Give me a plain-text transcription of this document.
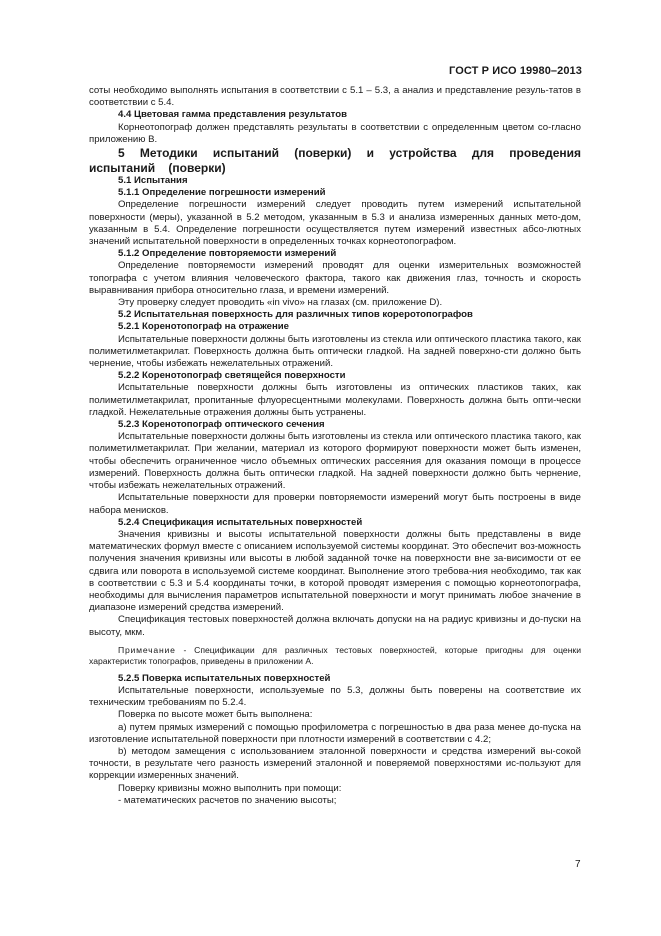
ГОСТ Р ИСО 19980–2013

соты необходимо выполнять испытания в соответствии с 5.1 – 5.3, а анализ и представление резуль-татов в соответствии с 5.4.

4.4 Цветовая гамма представления результатов

Корнеотопограф должен представлять результаты в соответствии с определенным цветом со-гласно приложению В.

5 Методики испытаний (поверки) и устройства для проведения испытаний (поверки)

5.1 Испытания

5.1.1 Определение погрешности измерений

Определение погрешности измерений следует проводить путем измерений испытательной поверхности (меры), указанной в 5.2 методом, указанным в 5.3 и анализа измеренных данных мето-дом, указанным в 5.4. Определение погрешности осуществляется путем измерений известных абсо-лютных значений испытательной поверхности в определенных точках корнеотопографом.

5.1.2 Определение повторяемости измерений

Определение повторяемости измерений проводят для оценки измерительных возможностей топографа с учетом влияния человеческого фактора, такого как движения глаз, точность и скорость выравнивания прибора относительно глаза, и времени измерений.

Эту проверку следует проводить «in vivo» на глазах (см. приложение D).

5.2 Испытательная поверхность для различных типов кореротопографов

5.2.1 Коренотопограф на отражение

Испытательные поверхности должны быть изготовлены из стекла или оптического пластика такого, как полиметилметакрилат. Поверхность должна быть оптически гладкой. На задней поверхно-сти должно быть чернение, чтобы избежать нежелательных отражений.

5.2.2 Коренотопограф светящейся поверхности

Испытательные поверхности должны быть изготовлены из оптических пластиков таких, как полиметилметакрилат, пропитанные флуоресцентными молекулами. Поверхность должна быть опти-чески гладкой. Нежелательные отражения должны быть устранены.

5.2.3 Коренотопограф оптического сечения

Испытательные поверхности должны быть изготовлены из стекла или оптического пластика такого, как полиметилметакрилат. При желании, материал из которого формируют поверхности может быть изменен, чтобы обеспечить ограниченное число объемных оптических рассеяния для оказания помощи в процессе измерений. Поверхность должна быть оптически гладкой. На задней поверхности должно быть чернение, чтобы избежать нежелательных отражений.

Испытательные поверхности для проверки повторяемости измерений могут быть построены в виде набора менисков.

5.2.4 Спецификация испытательных поверхностей

Значения кривизны и высоты испытательной поверхности должны быть представлены в виде математических формул вместе с описанием используемой системы координат. Это обеспечит воз-можность получения значения кривизны или высоты в любой заданной точке на поверхности вне за-висимости от ее сдвига или поворота в используемой системе координат. Выполнение этого требова-ния необходимо, так как в соответствии с 5.3 и 5.4 координаты точки, в которой проводят измерения с помощью корнеотопографа, необходимы для вычисления параметров испытательной поверхности и могут принимать любое значение в диапазоне измерений средства измерений.

Спецификация тестовых поверхностей должна включать допуски на на радиус кривизны и до-пуски на высоту, мкм.

Примечание - Спецификации для различных тестовых поверхностей, которые пригодны для оценки характеристик топографов, приведены в приложении А.

5.2.5 Поверка испытательных поверхностей

Испытательные поверхности, используемые по 5.3, должны быть поверены на соответствие их техническим требованиям по 5.2.4.

Поверка по высоте может быть выполнена:

а) путем прямых измерений с помощью профилометра с погрешностью в два раза менее до-пуска на изготовление испытательной поверхности при плотности измерений в соответствии с 4.2;

b) методом замещения с использованием эталонной поверхности и средства измерений вы-сокой точности, в результате чего разность измерений эталонной и поверяемой поверхностями ис-пользуют для коррекции измеренных значений.

Поверку кривизны можно выполнить при помощи:

- математических расчетов по значению высоты;

7
